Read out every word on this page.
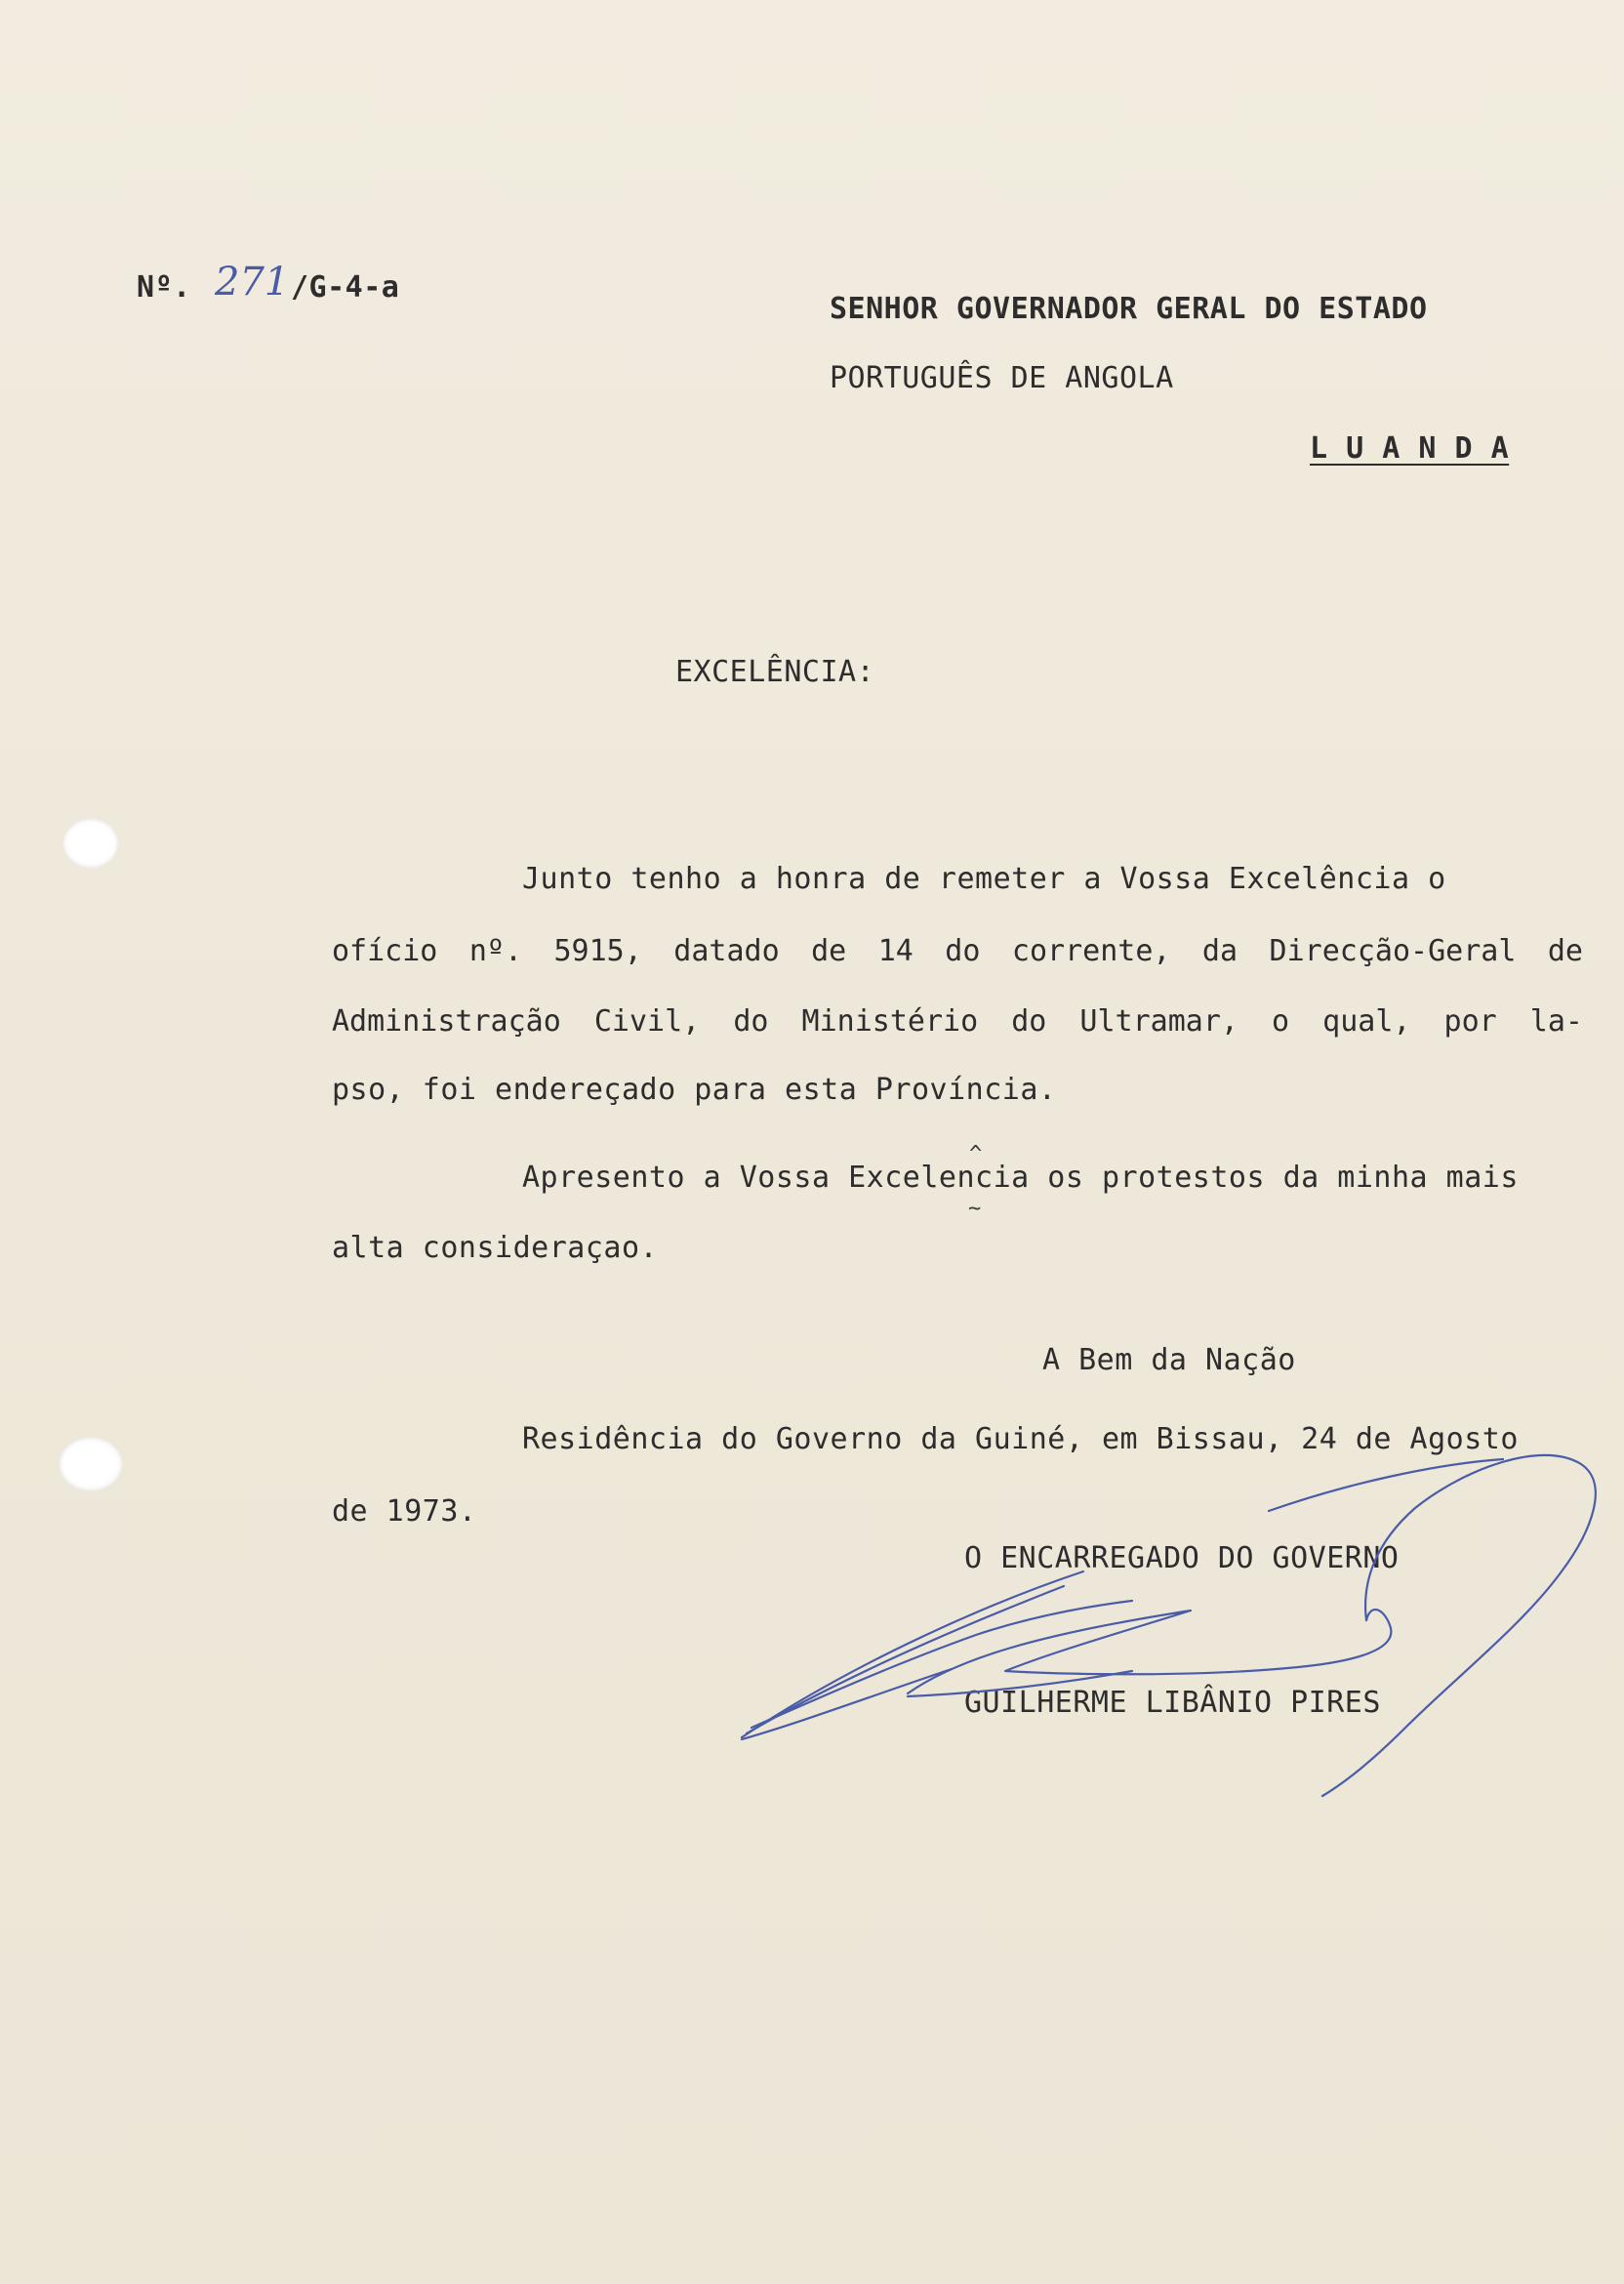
Nº. 271 /G-4-a
SENHOR GOVERNADOR GERAL DO ESTADO
PORTUGUÊS DE ANGOLA
L U A N D A
EXCELÊNCIA:
Junto tenho a honra de remeter a Vossa Excelência o
ofício nº. 5915, datado de 14 do corrente, da Direcção-Geral de
Administração Civil, do Ministério do Ultramar, o qual, por la-
pso, foi endereçado para esta Província.
^
Apresento a Vossa Excelencia os protestos da minha mais
~
alta consideraçao.
A Bem da Nação
Residência do Governo da Guiné, em Bissau, 24 de Agosto
de 1973.
O ENCARREGADO DO GOVERNO
GUILHERME LIBÂNIO PIRES
